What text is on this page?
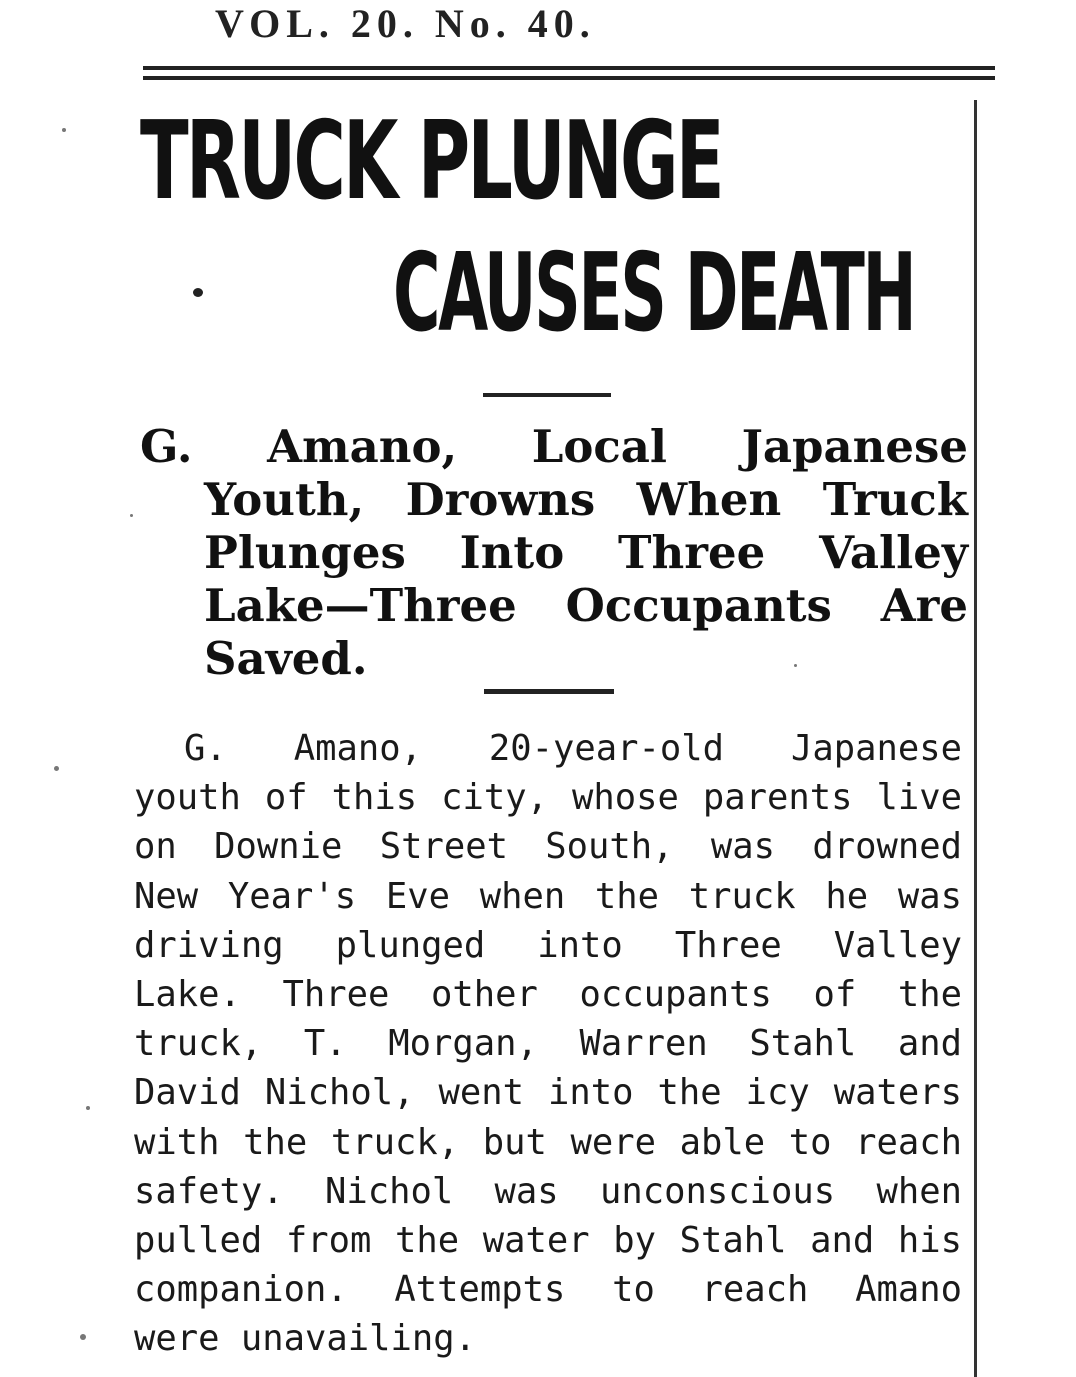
VOL. 20. No. 40.
TRUCK PLUNGE
CAUSES DEATH
G. Amano, Local Japanese
Youth, Drowns When Truck
Plunges Into Three Valley
Lake—Three Occupants Are
Saved.
G. Amano, 20-year-old Japanese
youth of this city, whose parents live
on Downie Street South, was drowned
New Year's Eve when the truck he was
driving plunged into Three Valley
Lake. Three other occupants of the
truck, T. Morgan, Warren Stahl and
David Nichol, went into the icy waters
with the truck, but were able to reach
safety. Nichol was unconscious when
pulled from the water by Stahl and his
companion. Attempts to reach Amano
were unavailing.
